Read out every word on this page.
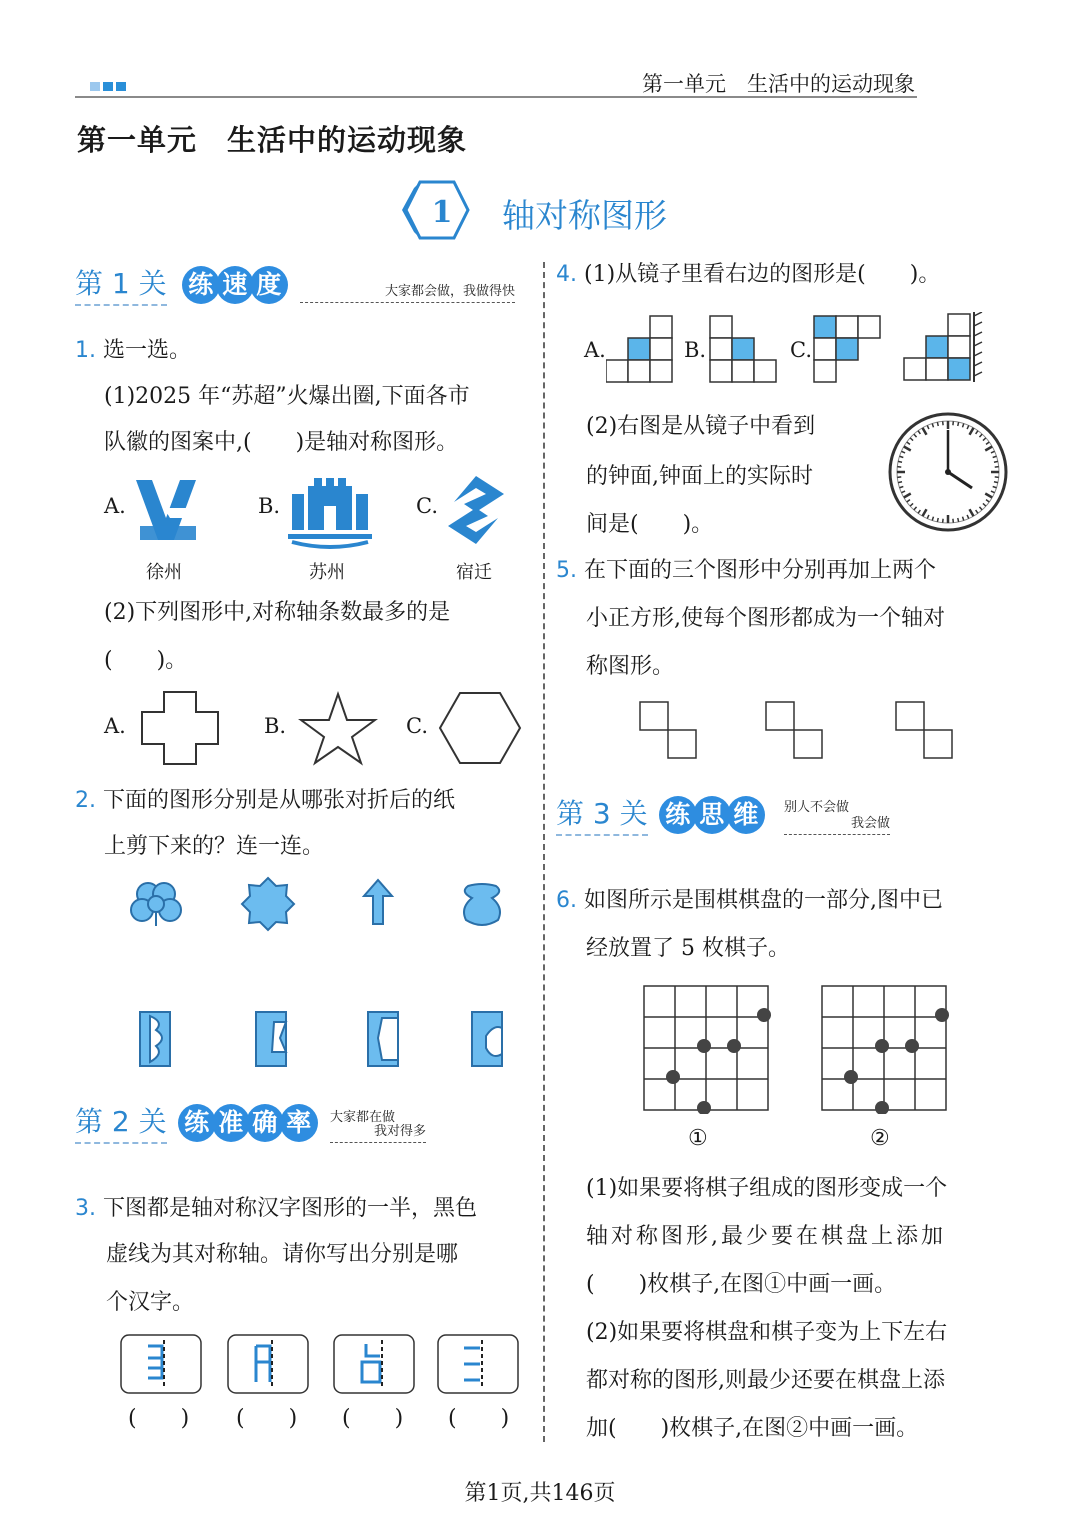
第一单元　生活中的运动现象
第一单元　生活中的运动现象
1 轴对称图形
第 1 关 练 速 度	大家都会做，我做得快
1. 选一选。
(1)2025 年“苏超”火爆出圈,下面各市
队徽的图案中,(　　)是轴对称图形。
A.
徐州
B.
苏州
C.
宿迁
(2)下列图形中,对称轴条数最多的是
(　　)。
A.	B.	C.
2. 下面的图形分别是从哪张对折后的纸
上剪下来的？连一连。
第 2 关 练 准 确 率	大家都在做
我对得多
3. 下图都是轴对称汉字图形的一半，黑色
虚线为其对称轴。请你写出分别是哪
个汉字。
(　　) (　　) (　　) (　　)
4. (1)从镜子里看右边的图形是(　　)。
A.	B.	C.
(2)右图是从镜子中看到
的钟面,钟面上的实际时
间是(　　)。
5. 在下面的三个图形中分别再加上两个
小正方形,使每个图形都成为一个轴对
称图形。
第 3 关 练 思 维	别人不会做
我会做
6. 如图所示是围棋棋盘的一部分,图中已
经放置了 5 枚棋子。
①	②
(1)如果要将棋子组成的图形变成一个
轴对称图形,最少要在棋盘上添加
(　　)枚棋子,在图①中画一画。
(2)如果要将棋盘和棋子变为上下左右
都对称的图形,则最少还要在棋盘上添
加(　　)枚棋子,在图②中画一画。
第1页,共146页
